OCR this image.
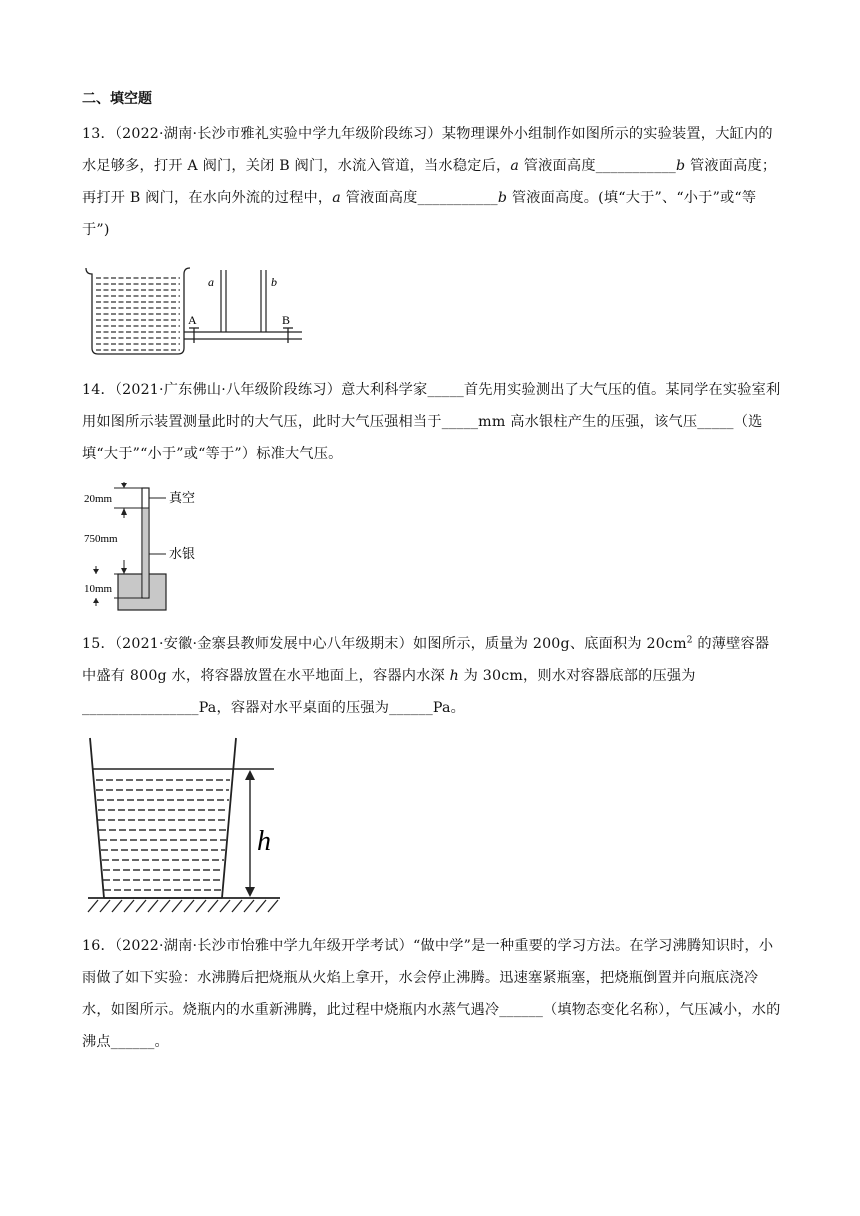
二、填空题
13．（2022·湖南·长沙市雅礼实验中学九年级阶段练习）某物理课外小组制作如图所示的实验装置，大缸内的水足够多，打开 A 阀门，关闭 B 阀门，水流入管道，当水稳定后，a 管液面高度___________b 管液面高度；再打开 B 阀门，在水向外流的过程中，a 管液面高度___________b 管液面高度。(填“大于”、“小于”或“等于”)
a	b
A	B
14．（2021·广东佛山·八年级阶段练习）意大利科学家_____首先用实验测出了大气压的值。某同学在实验室利用如图所示装置测量此时的大气压，此时大气压强相当于_____mm 高水银柱产生的压强，该气压_____（选填“大于”“小于”或“等于”）标准大气压。
20mm
750mm
10mm
真空
水银
15．（2021·安徽·金寨县教师发展中心八年级期末）如图所示，质量为 200g、底面积为 $20cm^2$ 的薄壁容器中盛有 800g 水，将容器放置在水平地面上，容器内水深 h 为 30cm，则水对容器底部的压强为________________Pa，容器对水平桌面的压强为______Pa。
h
16．（2022·湖南·长沙市怡雅中学九年级开学考试）“做中学”是一种重要的学习方法。在学习沸腾知识时，小雨做了如下实验：水沸腾后把烧瓶从火焰上拿开，水会停止沸腾。迅速塞紧瓶塞，把烧瓶倒置并向瓶底浇冷水，如图所示。烧瓶内的水重新沸腾，此过程中烧瓶内水蒸气遇冷______（填物态变化名称），气压减小，水的沸点______。
